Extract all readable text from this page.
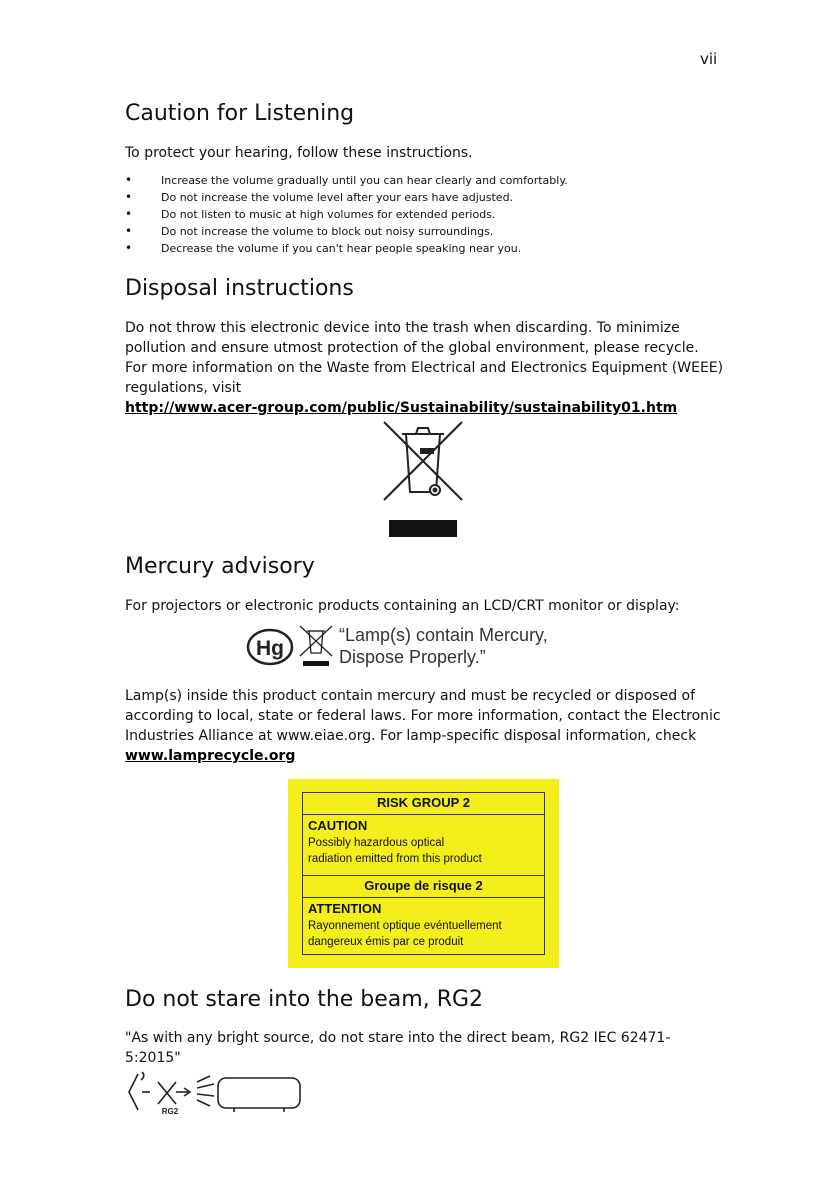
vii
Caution for Listening

To protect your hearing, follow these instructions.

• Increase the volume gradually until you can hear clearly and comfortably.
• Do not increase the volume level after your ears have adjusted.
• Do not listen to music at high volumes for extended periods.
• Do not increase the volume to block out noisy surroundings.
• Decrease the volume if you can't hear people speaking near you.
Disposal instructions

Do not throw this electronic device into the trash when discarding. To minimize pollution and ensure utmost protection of the global environment, please recycle. For more information on the Waste from Electrical and Electronics Equipment (WEEE) regulations, visit
http://www.acer-group.com/public/Sustainability/sustainability01.htm

Mercury advisory

For projectors or electronic products containing an LCD/CRT monitor or display:

Hg
“Lamp(s) contain Mercury,
Dispose Properly.”

Lamp(s) inside this product contain mercury and must be recycled or disposed of according to local, state or federal laws. For more information, contact the Electronic Industries Alliance at www.eiae.org. For lamp-specific disposal information, check www.lamprecycle.org

RISK GROUP 2
CAUTION
Possibly hazardous optical
radiation emitted from this product
Groupe de risque 2
ATTENTION
Rayonnement optique evéntuellement
dangereux émis par ce produit
Do not stare into the beam, RG2

"As with any bright source, do not stare into the direct beam, RG2 IEC 62471-5:2015"

RG2
